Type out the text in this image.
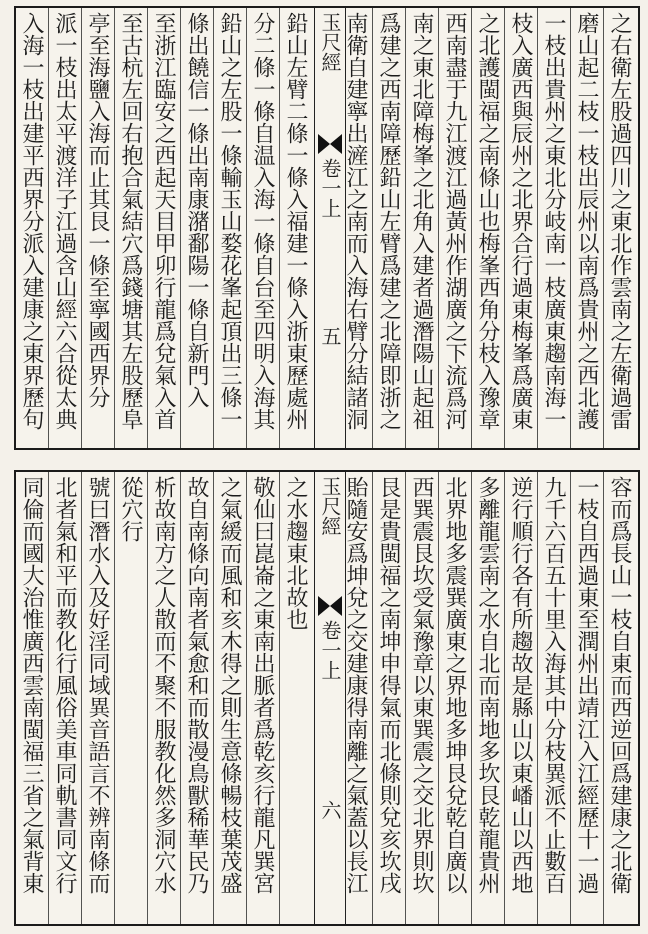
玉尺經
卷一上
五	之右衛左股過四川之東北作雲南之左衛過雷
磨山起二枝一枝出辰州以南爲貴州之西北護
一枝出貴州之東北分岐南一枝廣東趨南海一
枝入廣西與辰州之北界合行過東梅峯爲廣東
之北護閩福之南條山也梅峯西角分枝入豫章
西南盡于九江渡江過黃州作湖廣之下流爲河
南之東北障梅峯之北角入建者過潛陽山起祖
爲建之西南障歷鉛山左臂爲建之北障即浙之
南衛自建寧出滻江之南而入海右臂分結諸洞
鉛山左臂二條一條入福建一條入浙東歷處州
分二條一條自温入海一條自台至四明入海其
鉛山之左股一條輸玉山婺花峯起頂出三條一
條出饒信一條出南康潴鄱陽一條自新門入
至浙江臨安之西起天目甲卯行龍爲兌氣入首
至古杭左回右抱合氣結穴爲錢塘其左股歷阜
亭至海鹽入海而止其艮一條至寧國西界分
派一枝出太平渡洋子江過含山經六合從太典
入海一枝出建平西界分派入建康之東界歷句
玉尺經
卷一上
六	容而爲長山一枝自東而西逆回爲建康之北衛
一枝自西過東至潤州出靖江入江經歷十一過
九千六百五十里入海其中分枝異派不止數百
逆行順行各有所趨故是縣山以東嶓山以西地
多離龍雲南之水自北而南地多坎艮乾龍貴州
北界地多震巽廣東之界地多坤艮兌乾自廣以
西巽震艮坎受氣豫章以東巽震之交北界則坎
艮是貴閩福之南坤申得氣而北條則兌亥坎戌
貽隨安爲坤兌之交建康得南離之氣蓋以長江
之水趨東北故也
敬仙曰崑崙之東南出脈者爲乾亥行龍凡巽宮
之氣緩而風和亥木得之則生意條暢枝葉茂盛
故自南條向南者氣愈和而散漫鳥獸稀華民乃
析故南方之人散而不聚不服教化然多洞穴水
從穴行
號曰潛水入及好淫同域異音語言不辨南條而
北者氣和平而教化行風俗美車同軌書同文行
同倫而國大治惟廣西雲南閩福三省之氣背東
